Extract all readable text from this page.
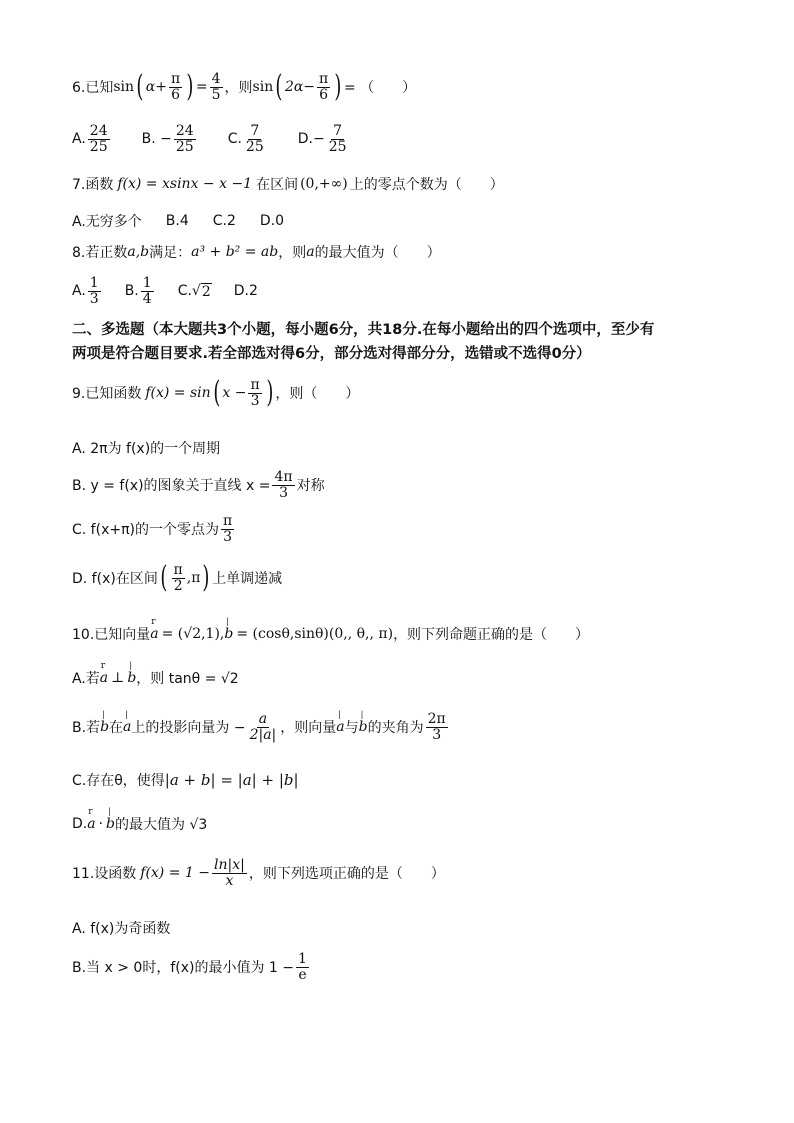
6.已知 sin ( $\alpha+ \frac{\pi}{6}$ ) = $\frac{4}{5}$ ，则 sin ( $2\alpha- \frac{\pi}{6}$ ) = （　　）
A. $\frac{24}{25} B$. − $\frac{24}{25} C$. $\frac{7}{25} D.- \frac{7}{25}$
7.函数 f(x) = xsinx − x −1 在区间 (0,+∞) 上的零点个数为（　　）
A.无穷多个 B.4 C.2 D.0
8.若正数 a,b 满足： a³ + b² = ab ，则 a 的最大值为（　　）
A. $\frac{1}{3} B$. $\frac{1}{4} C$. √ 2 D.2
二、多选题（本大题共3个小题，每小题6分，共18分.在每小题给出的四个选项中，至少有
两项是符合题目要求.若全部选对得6分，部分选对得部分分，选错或不选得0分）
9.已知函数 f(x) = sin ( $x - \frac{\pi}{3}$ ) ，则（　　）
A. 2π为 f(x)的一个周期
B. y = f(x)的图象关于直线 $x = \frac{4\pi}{3}$ 对称
C. f(x+π)的一个零点为 $\frac{\pi}{3}$
D. f(x)在区间 ( $\frac{\pi}{2} ,\pi$ ) 上单调递减
10.已知向量 r a = (√2,1), | b = (cosθ,sinθ)(0,, θ,, π) ，则下列命题正确的是（　　）
A.若 r a ⊥ | b ，则 tanθ = √2
B.若 | b 在 | a 上的投影向量为 − $\frac{a}{2|a|}$ ，则向量 | a 与 | b 的夹角为 $\frac{2\pi}{3}$
C.存在θ，使得 |a + b| = |a| + |b|
D. r a · | b 的最大值为 √3
11.设函数 $f(x) = 1 - \frac{\ln|x|}{x}$ ，则下列选项正确的是（　　）
A. f(x)为奇函数
B.当 x > 0时，f(x)的最小值为 $1 - \frac{1}{e}$
